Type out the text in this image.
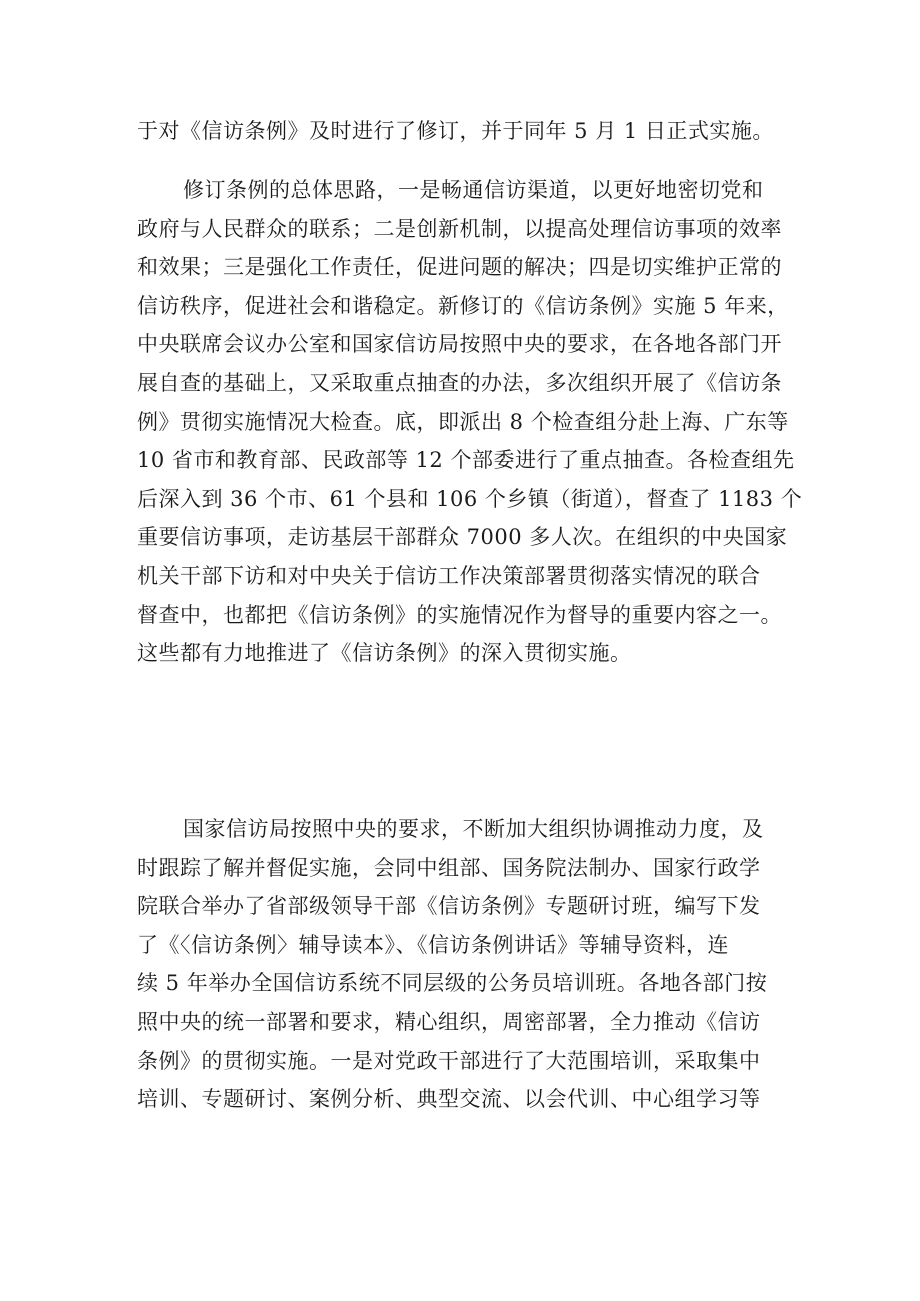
于对《信访条例》及时进行了修订，并于同年 5 月 1 日正式实施。
修订条例的总体思路，一是畅通信访渠道，以更好地密切党和
政府与人民群众的联系；二是创新机制，以提高处理信访事项的效率
和效果；三是强化工作责任，促进问题的解决；四是切实维护正常的
信访秩序，促进社会和谐稳定。新修订的《信访条例》实施 5 年来，
中央联席会议办公室和国家信访局按照中央的要求，在各地各部门开
展自查的基础上，又采取重点抽查的办法，多次组织开展了《信访条
例》贯彻实施情况大检查。底，即派出 8 个检查组分赴上海、广东等
10 省市和教育部、民政部等 12 个部委进行了重点抽查。各检查组先
后深入到 36 个市、61 个县和 106 个乡镇（街道），督查了 1183 个
重要信访事项，走访基层干部群众 7000 多人次。在组织的中央国家
机关干部下访和对中央关于信访工作决策部署贯彻落实情况的联合
督查中，也都把《信访条例》的实施情况作为督导的重要内容之一。
这些都有力地推进了《信访条例》的深入贯彻实施。
国家信访局按照中央的要求，不断加大组织协调推动力度，及
时跟踪了解并督促实施，会同中组部、国务院法制办、国家行政学
院联合举办了省部级领导干部《信访条例》专题研讨班，编写下发
了《〈信访条例〉辅导读本》、《信访条例讲话》等辅导资料，连
续 5 年举办全国信访系统不同层级的公务员培训班。各地各部门按
照中央的统一部署和要求，精心组织，周密部署，全力推动《信访
条例》的贯彻实施。一是对党政干部进行了大范围培训，采取集中
培训、专题研讨、案例分析、典型交流、以会代训、中心组学习等
